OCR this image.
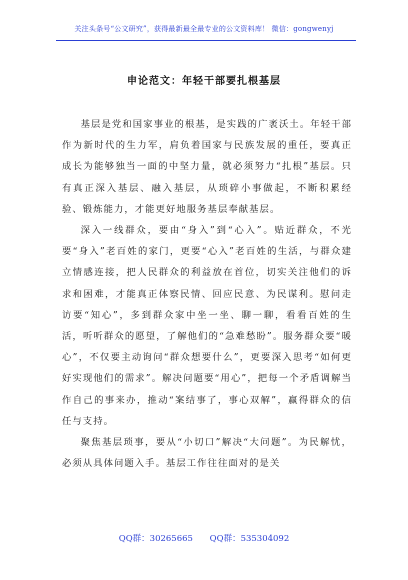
关注头条号“公文研究”，获得最新最全最专业的公文资料库！ 微信：gongwenyj
申论范文：年轻干部要扎根基层

基层是党和国家事业的根基，是实践的广袤沃土。年轻干部作为新时代的生力军，肩负着国家与民族发展的重任，要真正成长为能够独当一面的中坚力量，就必须努力“扎根”基层。只有真正深入基层、融入基层，从琐碎小事做起，不断积累经验、锻炼能力，才能更好地服务基层奉献基层。

深入一线群众，要由“身入”到“心入”。贴近群众，不光要“身入”老百姓的家门，更要“心入”老百姓的生活，与群众建立情感连接，把人民群众的利益放在首位，切实关注他们的诉求和困难，才能真正体察民情、回应民意、为民谋利。慰问走访要“知心”，多到群众家中坐一坐、聊一聊，看看百姓的生活，听听群众的愿望，了解他们的“急难愁盼”。服务群众要“暖心”，不仅要主动询问“群众想要什么”，更要深入思考“如何更好实现他们的需求”。解决问题要“用心”，把每一个矛盾调解当作自己的事来办，推动“案结事了，事心双解”，赢得群众的信任与支持。

聚焦基层琐事，要从“小切口”解决“大问题”。为民解忧，必须从具体问题入手。基层工作往往面对的是关

QQ群：30265665 QQ群：535304092
